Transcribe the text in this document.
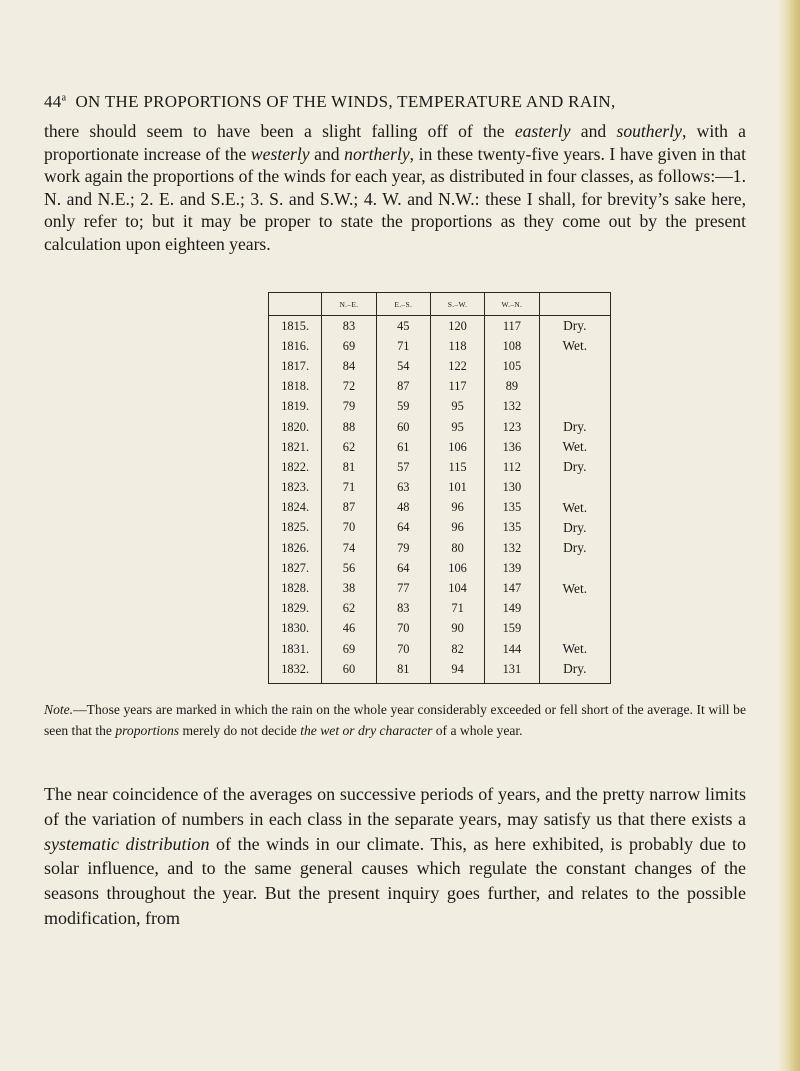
44$^a$ ON THE PROPORTIONS OF THE WINDS, TEMPERATURE AND RAIN,
there should seem to have been a slight falling off of the easterly and southerly, with a proportionate increase of the westerly and northerly, in these twenty-five years. I have given in that work again the proportions of the winds for each year, as distributed in four classes, as follows:—1. N. and N.E.; 2. E. and S.E.; 3. S. and S.W.; 4. W. and N.W.: these I shall, for brevity’s sake here, only refer to; but it may be proper to state the proportions as they come out by the present calculation upon eighteen years.
	N.–E.	E.–S.	S.–W.	W.–N.	
1815.	83	45	120	117	Dry.
1816.	69	71	118	108	Wet.
1817.	84	54	122	105	
1818.	72	87	117	89	
1819.	79	59	95	132	
1820.	88	60	95	123	Dry.
1821.	62	61	106	136	Wet.
1822.	81	57	115	112	Dry.
1823.	71	63	101	130	
1824.	87	48	96	135	Wet.
1825.	70	64	96	135	Dry.
1826.	74	79	80	132	Dry.
1827.	56	64	106	139	
1828.	38	77	104	147	Wet.
1829.	62	83	71	149	
1830.	46	70	90	159	
1831.	69	70	82	144	Wet.
1832.	60	81	94	131	Dry.
Note.—Those years are marked in which the rain on the whole year considerably exceeded or fell short of the average. It will be seen that the proportions merely do not decide the wet or dry character of a whole year.
The near coincidence of the averages on successive periods of years, and the pretty narrow limits of the variation of numbers in each class in the separate years, may satisfy us that there exists a systematic distribution of the winds in our climate. This, as here exhibited, is probably due to solar influence, and to the same general causes which regulate the constant changes of the seasons throughout the year. But the present inquiry goes further, and relates to the possible modification, from
